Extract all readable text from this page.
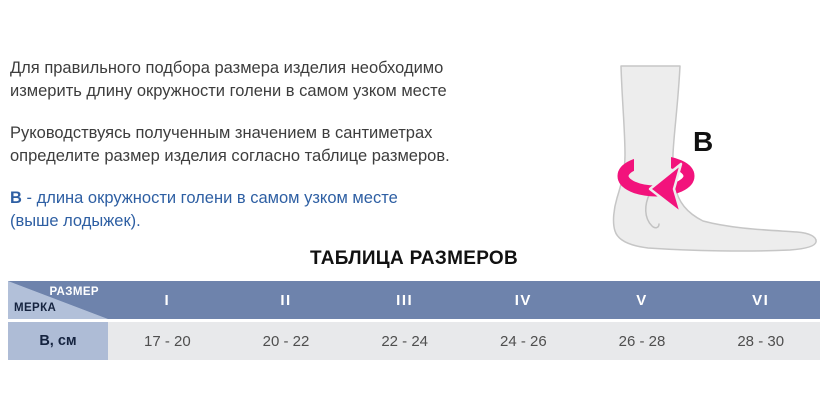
Для правильного подбора размера изделия необходимо
измерить длину окружности голени в самом узком месте

Руководствуясь полученным значением в сантиметрах
определите размер изделия согласно таблице размеров.

В - длина окружности голени в самом узком месте
(выше лодыжек).

B
ТАБЛИЦА РАЗМЕРОВ
РАЗМЕР
МЕРКА	I	II	III	IV	V	VI
В, см	17 - 20	20 - 22	22 - 24	24 - 26	26 - 28	28 - 30
